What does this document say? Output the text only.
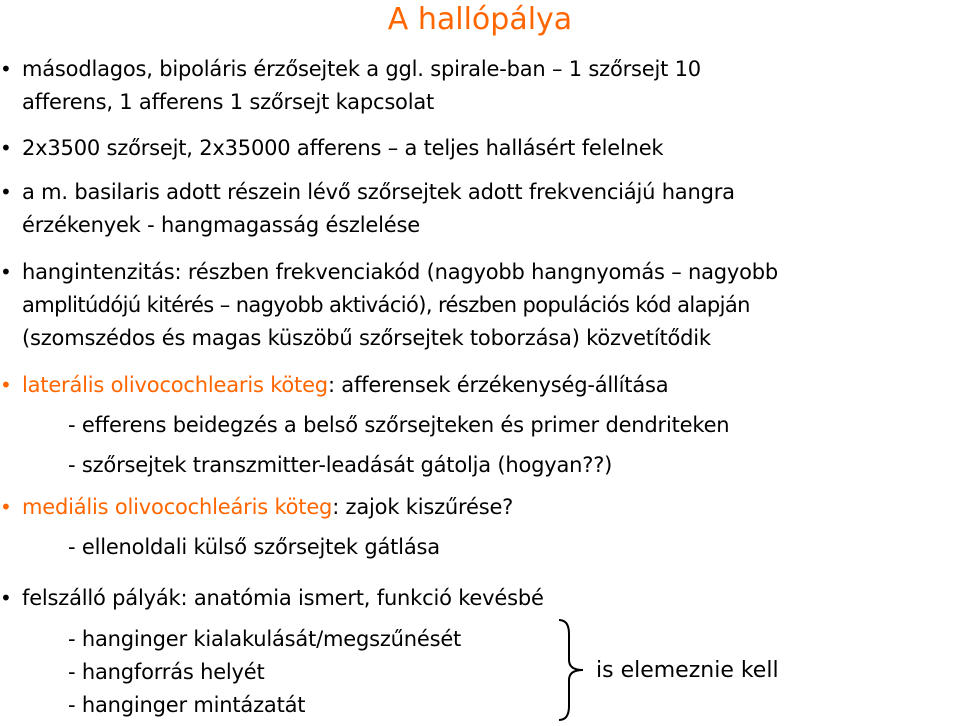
A hallópálya
• másodlagos, bipoláris érzősejtek a ggl. spirale-ban – 1 szőrsejt 10
afferens, 1 afferens 1 szőrsejt kapcsolat
• 2x3500 szőrsejt, 2x35000 afferens – a teljes hallásért felelnek
• a m. basilaris adott részein lévő szőrsejtek adott frekvenciájú hangra
érzékenyek - hangmagasság észlelése
• hangintenzitás: részben frekvenciakód (nagyobb hangnyomás – nagyobb
amplitúdójú kitérés – nagyobb aktiváció), részben populációs kód alapján
(szomszédos és magas küszöbű szőrsejtek toborzása) közvetítődik
• laterális olivocochlearis köteg: afferensek érzékenység-állítása
- efferens beidegzés a belső szőrsejteken és primer dendriteken
- szőrsejtek transzmitter-leadását gátolja (hogyan??)
• mediális olivocochleáris köteg: zajok kiszűrése?
- ellenoldali külső szőrsejtek gátlása
• felszálló pályák: anatómia ismert, funkció kevésbé
- hanginger kialakulását/megszűnését
- hangforrás helyét
- hanginger mintázatát
is elemeznie kell
